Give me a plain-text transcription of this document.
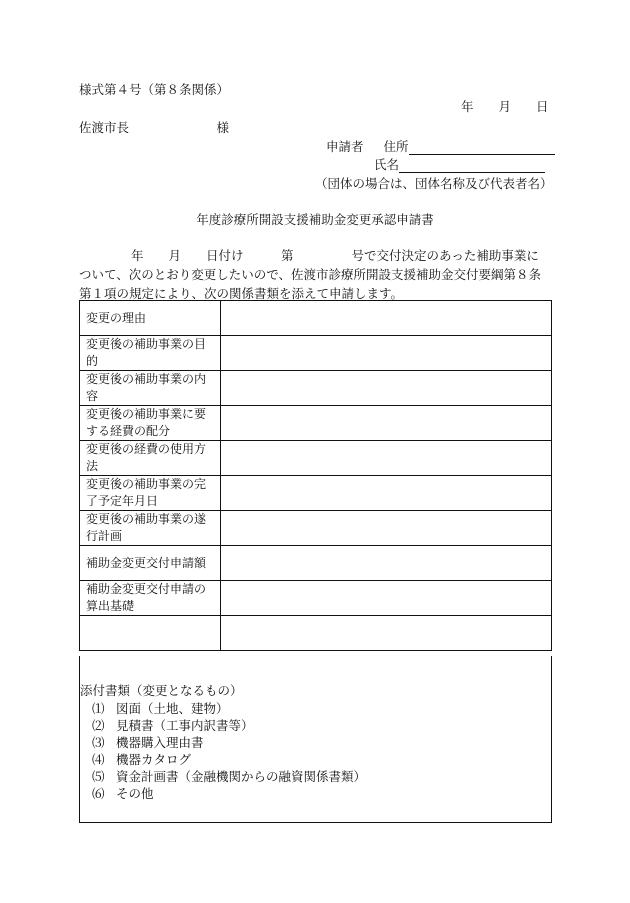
様式第４号（第８条関係）
年　　月　　日
佐渡市長　　　　　　　様
申請者 住所
氏名
（団体の場合は、団体名称及び代表者名）
年度診療所開設支援補助金変更承認申請書
年　　月　　日付け　　　第	号で交付決定のあった補助事業について、次のとおり変更したいので、佐渡市診療所開設支援補助金交付要綱第８条第１項の規定により、次の関係書類を添えて申請します。
変更の理由	
変更後の補助事業の目的	
変更後の補助事業の内容	
変更後の補助事業に要する経費の配分	
変更後の経費の使用方法	
変更後の補助事業の完了予定年月日	
変更後の補助事業の遂行計画	
補助金変更交付申請額	
補助金変更交付申請の算出基礎	

添付書類（変更となるもの）
⑴ 図面（土地、建物）
⑵ 見積書（工事内訳書等）
⑶ 機器購入理由書
⑷ 機器カタログ
⑸ 資金計画書（金融機関からの融資関係書類）
⑹ その他
